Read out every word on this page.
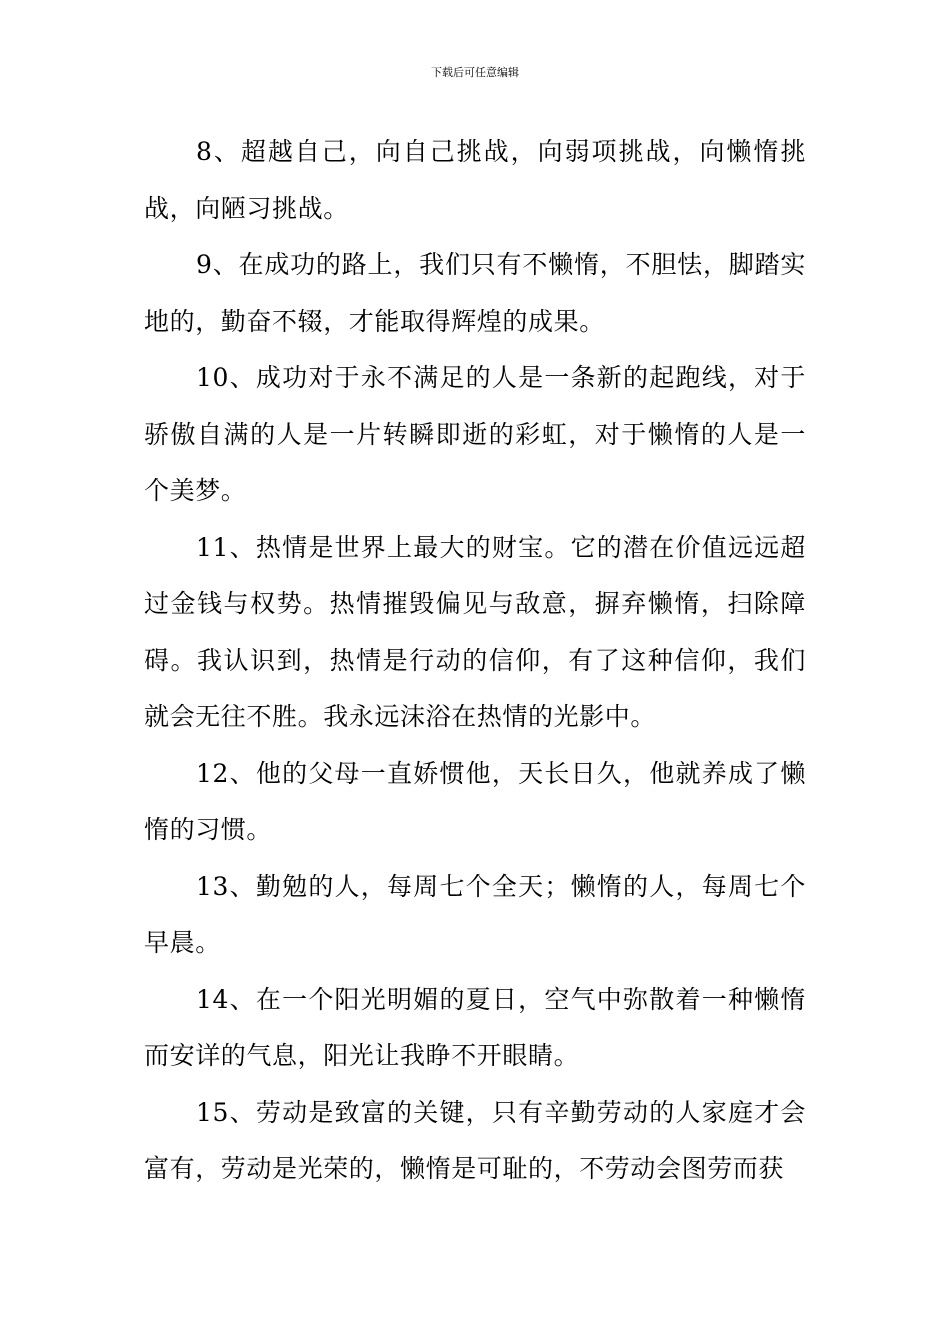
下载后可任意编辑

8、超越自己，向自己挑战，向弱项挑战，向懒惰挑战，向陋习挑战。

9、在成功的路上，我们只有不懒惰，不胆怯，脚踏实地的，勤奋不辍，才能取得辉煌的成果。

10、成功对于永不满足的人是一条新的起跑线，对于骄傲自满的人是一片转瞬即逝的彩虹，对于懒惰的人是一个美梦。

11、热情是世界上最大的财宝。它的潜在价值远远超过金钱与权势。热情摧毁偏见与敌意，摒弃懒惰，扫除障碍。我认识到，热情是行动的信仰，有了这种信仰，我们就会无往不胜。我永远沫浴在热情的光影中。

12、他的父母一直娇惯他，天长日久，他就养成了懒惰的习惯。

13、勤勉的人，每周七个全天；懒惰的人，每周七个早晨。

14、在一个阳光明媚的夏日，空气中弥散着一种懒惰而安详的气息，阳光让我睁不开眼睛。

15、劳动是致富的关键，只有辛勤劳动的人家庭才会富有，劳动是光荣的，懒惰是可耻的，不劳动会图劳而获
